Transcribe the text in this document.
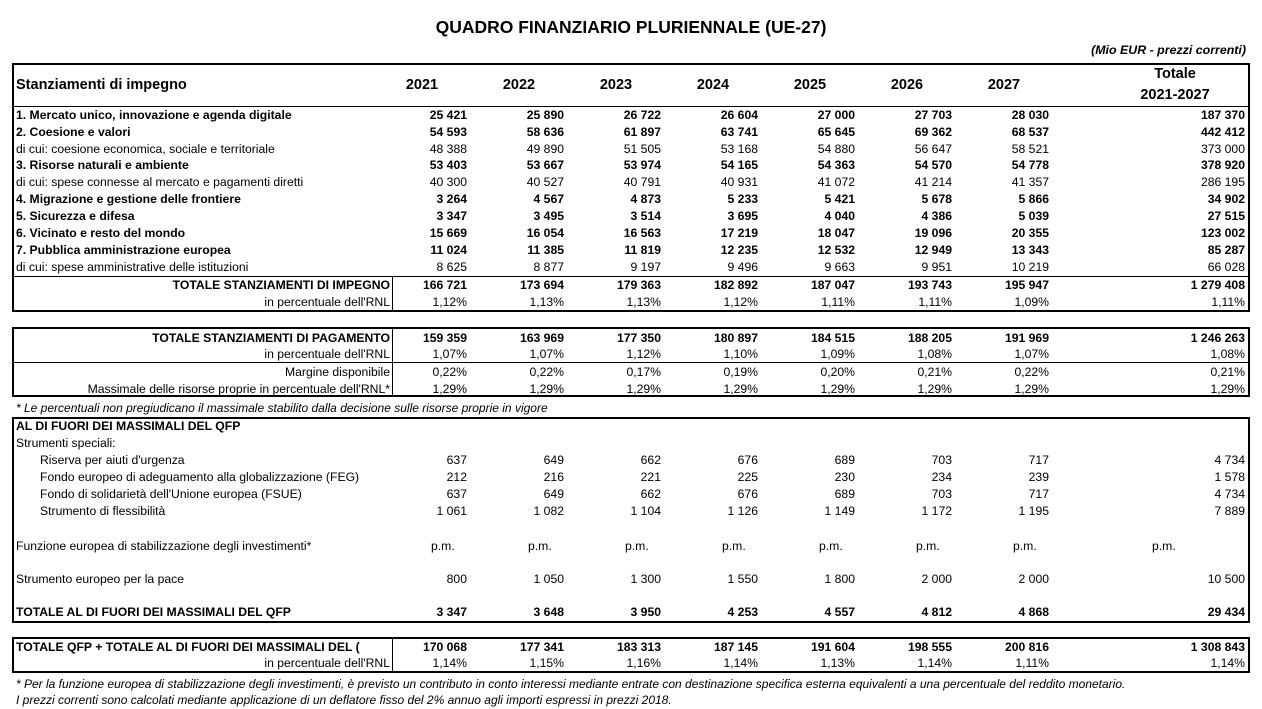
QUADRO FINANZIARIO PLURIENNALE (UE-27)
(Mio EUR - prezzi correnti)
Stanziamenti di impegno	2021	2022	2023	2024	2025	2026	2027
Totale
2021-2027
1. Mercato unico, innovazione e agenda digitale	25 421	25 890	26 722	26 604	27 000	27 703	28 030	187 370
2. Coesione e valori	54 593	58 636	61 897	63 741	65 645	69 362	68 537	442 412
di cui: coesione economica, sociale e territoriale	48 388	49 890	51 505	53 168	54 880	56 647	58 521	373 000
3. Risorse naturali e ambiente	53 403	53 667	53 974	54 165	54 363	54 570	54 778	378 920
di cui: spese connesse al mercato e pagamenti diretti	40 300	40 527	40 791	40 931	41 072	41 214	41 357	286 195
4. Migrazione e gestione delle frontiere	3 264	4 567	4 873	5 233	5 421	5 678	5 866	34 902
5. Sicurezza e difesa	3 347	3 495	3 514	3 695	4 040	4 386	5 039	27 515
6. Vicinato e resto del mondo	15 669	16 054	16 563	17 219	18 047	19 096	20 355	123 002
7. Pubblica amministrazione europea	11 024	11 385	11 819	12 235	12 532	12 949	13 343	85 287
di cui: spese amministrative delle istituzioni	8 625	8 877	9 197	9 496	9 663	9 951	10 219	66 028
TOTALE STANZIAMENTI DI IMPEGNO	166 721	173 694	179 363	182 892	187 047	193 743	195 947	1 279 408
in percentuale dell'RNL	1,12%	1,13%	1,13%	1,12%	1,11%	1,11%	1,09%	1,11%
TOTALE STANZIAMENTI DI PAGAMENTO	159 359	163 969	177 350	180 897	184 515	188 205	191 969	1 246 263
in percentuale dell'RNL	1,07%	1,07%	1,12%	1,10%	1,09%	1,08%	1,07%	1,08%
Margine disponibile	0,22%	0,22%	0,17%	0,19%	0,20%	0,21%	0,22%	0,21%
Massimale delle risorse proprie in percentuale dell'RNL*	1,29%	1,29%	1,29%	1,29%	1,29%	1,29%	1,29%	1,29%
AL DI FUORI DEI MASSIMALI DEL QFP
Strumenti speciali:
Riserva per aiuti d'urgenza	637	649	662	676	689	703	717	4 734
Fondo europeo di adeguamento alla globalizzazione (FEG)	212	216	221	225	230	234	239	1 578
Fondo di solidarietà dell'Unione europea (FSUE)	637	649	662	676	689	703	717	4 734
Strumento di flessibilità	1 061	1 082	1 104	1 126	1 149	1 172	1 195	7 889
Funzione europea di stabilizzazione degli investimenti*	p.m.	p.m.	p.m.	p.m.	p.m.	p.m.	p.m.	p.m.
Strumento europeo per la pace	800	1 050	1 300	1 550	1 800	2 000	2 000	10 500
TOTALE AL DI FUORI DEI MASSIMALI DEL QFP	3 347	3 648	3 950	4 253	4 557	4 812	4 868	29 434
TOTALE QFP + TOTALE AL DI FUORI DEI MASSIMALI DEL (	170 068	177 341	183 313	187 145	191 604	198 555	200 816	1 308 843
in percentuale dell'RNL	1,14%	1,15%	1,16%	1,14%	1,13%	1,14%	1,11%	1,14%
* Le percentuali non pregiudicano il massimale stabilito dalla decisione sulle risorse proprie in vigore
* Per la funzione europea di stabilizzazione degli investimenti, è previsto un contributo in conto interessi mediante entrate con destinazione specifica esterna equivalenti a una percentuale del reddito monetario.
I prezzi correnti sono calcolati mediante applicazione di un deflatore fisso del 2% annuo agli importi espressi in prezzi 2018.
